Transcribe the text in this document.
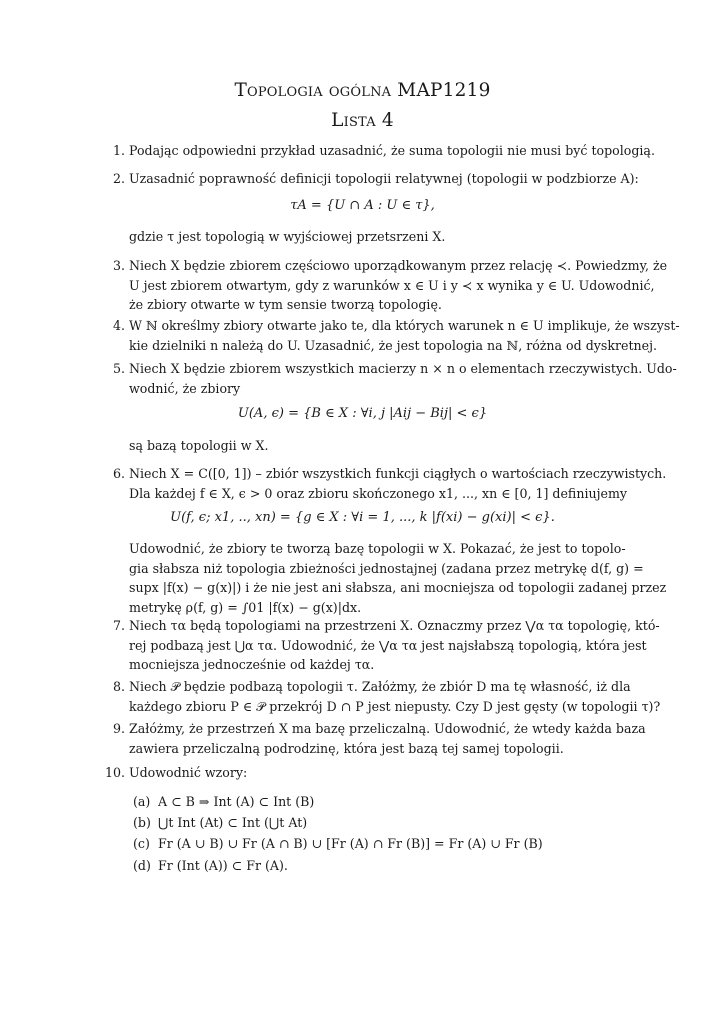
Topologia ogólna MAP1219
Lista 4
1. Podając odpowiedni przykład uzasadnić, że suma topologii nie musi być topologią.
2. Uzasadnić poprawność definicji topologii relatywnej (topologii w podzbiorze A):
τA = {U ∩ A : U ∈ τ},
gdzie τ jest topologią w wyjściowej przetsrzeni X.
3. Niech X będzie zbiorem częściowo uporządkowanym przez relację ≺. Powiedzmy, że
U jest zbiorem otwartym, gdy z warunków x ∈ U i y ≺ x wynika y ∈ U. Udowodnić,
że zbiory otwarte w tym sensie tworzą topologię.
4. W ℕ określmy zbiory otwarte jako te, dla których warunek n ∈ U implikuje, że wszyst-
kie dzielniki n należą do U. Uzasadnić, że jest topologia na ℕ, różna od dyskretnej.
5. Niech X będzie zbiorem wszystkich macierzy n × n o elementach rzeczywistych. Udo-
wodnić, że zbiory
U(A, ϵ) = {B ∈ X : ∀i, j |Aij − Bij| < ϵ}
są bazą topologii w X.
6. Niech X = C([0, 1]) – zbiór wszystkich funkcji ciągłych o wartościach rzeczywistych.
Dla każdej f ∈ X, ϵ > 0 oraz zbioru skończonego x1, ..., xn ∈ [0, 1] definiujemy
U(f, ϵ; x1, .., xn) = {g ∈ X : ∀i = 1, ..., k |f(xi) − g(xi)| < ϵ}.
Udowodnić, że zbiory te tworzą bazę topologii w X. Pokazać, że jest to topolo-
gia słabsza niż topologia zbieżności jednostajnej (zadana przez metrykę d(f, g) =
supx |f(x) − g(x)|) i że nie jest ani słabsza, ani mocniejsza od topologii zadanej przez
metrykę ρ(f, g) = ∫01 |f(x) − g(x)|dx.
7. Niech τα będą topologiami na przestrzeni X. Oznaczmy przez ⋁α τα topologię, któ-
rej podbazą jest ⋃α τα. Udowodnić, że ⋁α τα jest najsłabszą topologią, która jest
mocniejsza jednocześnie od każdej τα.
8. Niech 𝒫 będzie podbazą topologii τ. Załóżmy, że zbiór D ma tę własność, iż dla
każdego zbioru P ∈ 𝒫 przekrój D ∩ P jest niepusty. Czy D jest gęsty (w topologii τ)?
9. Załóżmy, że przestrzeń X ma bazę przeliczalną. Udowodnić, że wtedy każda baza
zawiera przeliczalną podrodzinę, która jest bazą tej samej topologii.
10. Udowodnić wzory:
(a) A ⊂ B ⇒ Int (A) ⊂ Int (B)
(b) ⋃t Int (At) ⊂ Int (⋃t At)
(c) Fr (A ∪ B) ∪ Fr (A ∩ B) ∪ [Fr (A) ∩ Fr (B)] = Fr (A) ∪ Fr (B)
(d) Fr (Int (A)) ⊂ Fr (A).
